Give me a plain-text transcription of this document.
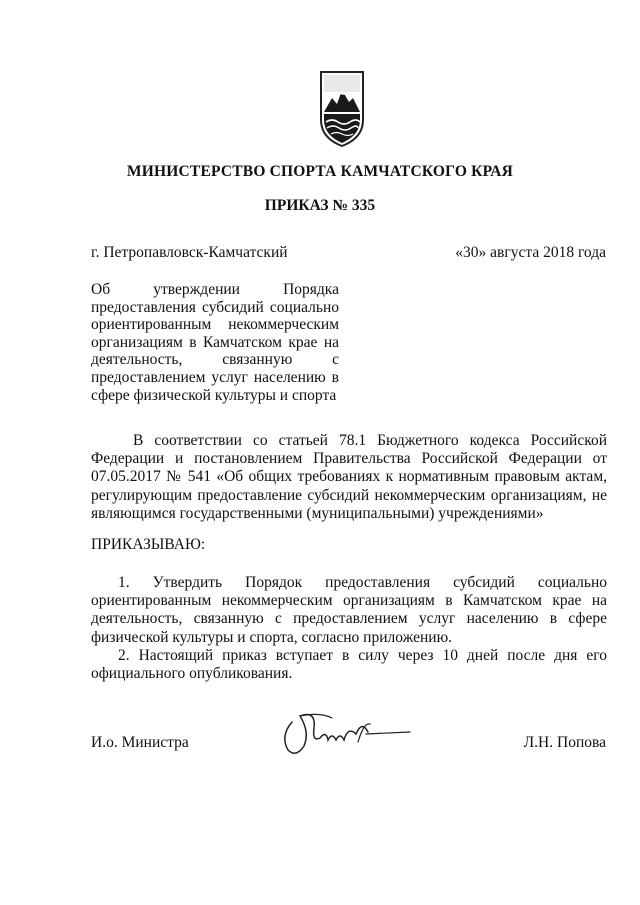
МИНИСТЕРСТВО СПОРТА КАМЧАТСКОГО КРАЯ
ПРИКАЗ № 335
г. Петропавловск-Камчатский	«30» августа 2018 года
Об утверждении Порядка предоставления субсидий социально ориентированным некоммерческим организациям в Камчатском крае на деятельность, связанную с предоставлением услуг населению в сфере физической культуры и спорта
В соответствии со статьей 78.1 Бюджетного кодекса Российской Федерации и постановлением Правительства Российской Федерации от 07.05.2017 № 541 «Об общих требованиях к нормативным правовым актам, регулирующим предоставление субсидий некоммерческим организациям, не являющимся государственными (муниципальными) учреждениями»
ПРИКАЗЫВАЮ:

1. Утвердить Порядок предоставления субсидий социально ориентированным некоммерческим организациям в Камчатском крае на деятельность, связанную с предоставлением услуг населению в сфере физической культуры и спорта, согласно приложению.

2. Настоящий приказ вступает в силу через 10 дней после дня его официального опубликования.

И.о. Министра	Л.Н. Попова
